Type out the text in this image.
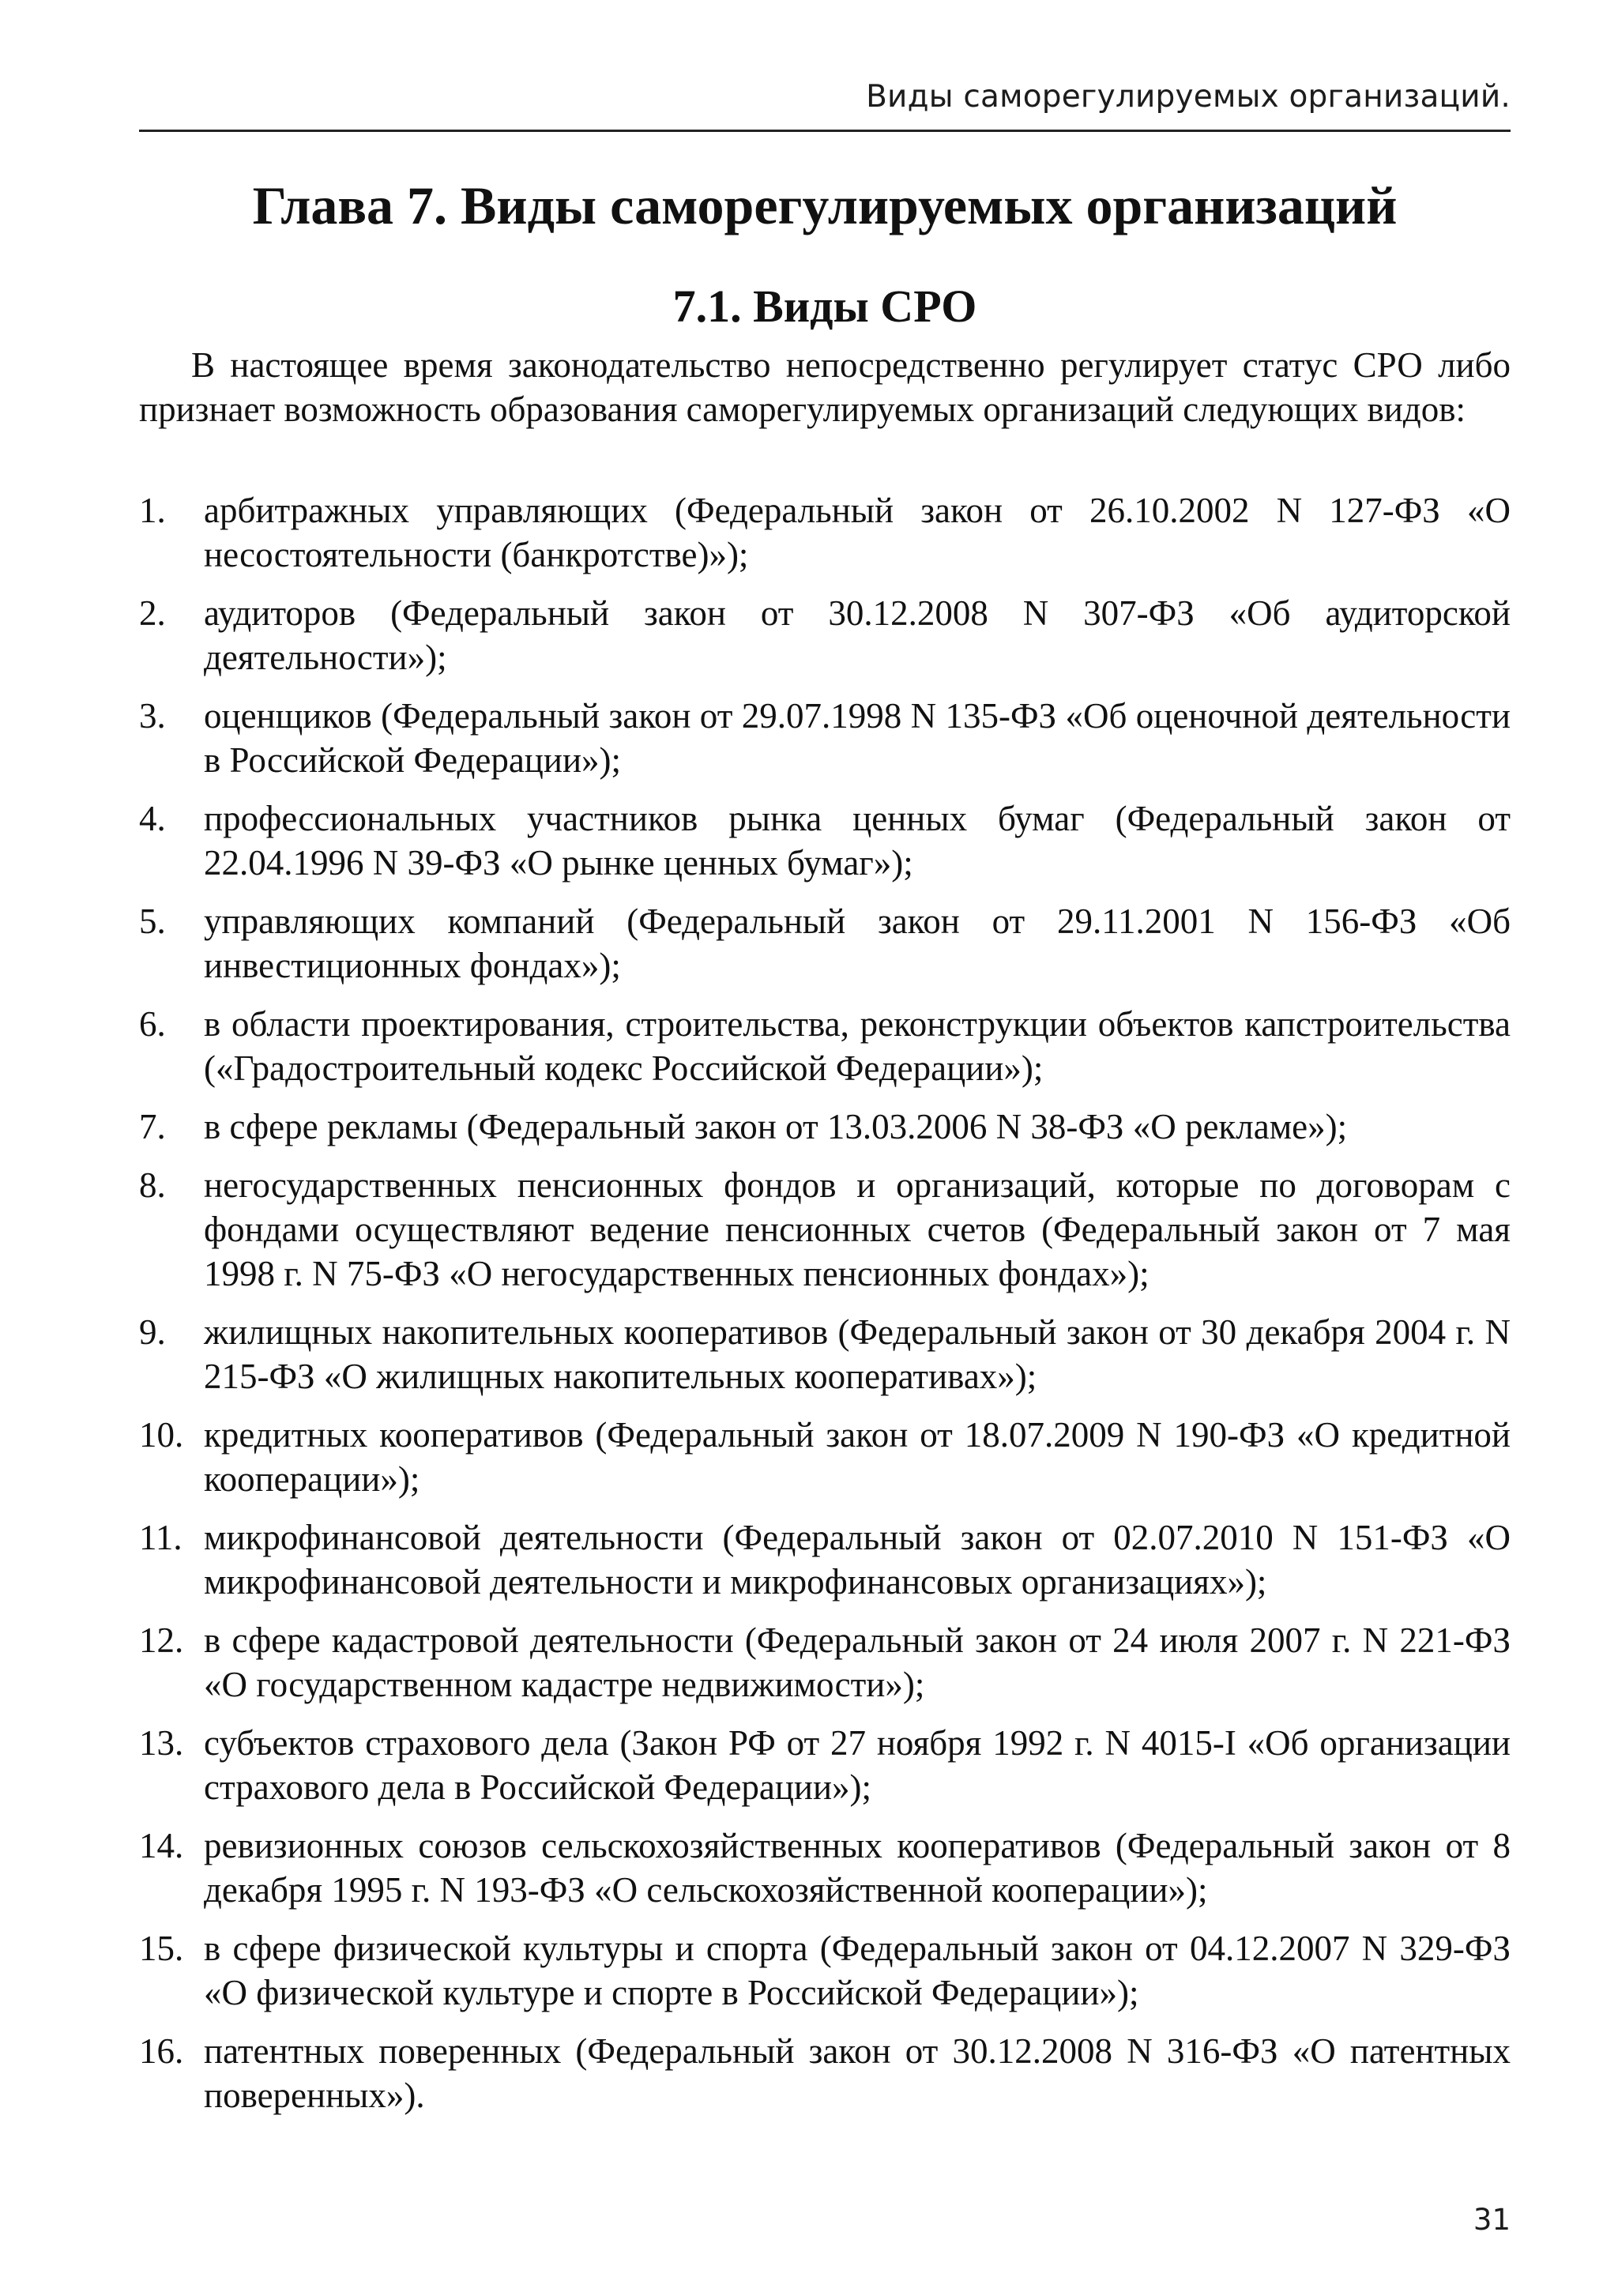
Виды саморегулируемых организаций.
Глава 7. Виды саморегулируемых организаций
7.1. Виды СРО

В настоящее время законодательство непосредственно регулирует статус СРО либо признает возможность образования саморегулируемых организаций следующих видов:

1.	арбитражных управляющих (Федеральный закон от 26.10.2002 N 127-ФЗ «О несостоятельности (банкротстве)»);
2.	аудиторов (Федеральный закон от 30.12.2008 N 307-ФЗ «Об аудиторской деятельности»);
3.	оценщиков (Федеральный закон от 29.07.1998 N 135-ФЗ «Об оценочной деятельности в Российской Федерации»);
4.	профессиональных участников рынка ценных бумаг (Федеральный закон от 22.04.1996 N 39-ФЗ «О рынке ценных бумаг»);
5.	управляющих компаний (Федеральный закон от 29.11.2001 N 156-ФЗ «Об инвестиционных фондах»);
6.	в области проектирования, строительства, реконструкции объектов капстроительства («Градостроительный кодекс Российской Федерации»);
7.	в сфере рекламы (Федеральный закон от 13.03.2006 N 38-ФЗ «О рекламе»);
8.	негосударственных пенсионных фондов и организаций, которые по договорам с фондами осуществляют ведение пенсионных счетов (Федеральный закон от 7 мая 1998 г. N 75-ФЗ «О негосударственных пенсионных фондах»);
9.	жилищных накопительных кооперативов (Федеральный закон от 30 декабря 2004 г. N 215-ФЗ «О жилищных накопительных кооперативах»);
10. кредитных кооперативов (Федеральный закон от 18.07.2009 N 190-ФЗ «О кредитной кооперации»);
11. микрофинансовой деятельности (Федеральный закон от 02.07.2010 N 151-ФЗ «О микрофинансовой деятельности и микрофинансовых организациях»);
12. в сфере кадастровой деятельности (Федеральный закон от 24 июля 2007 г. N 221-ФЗ «О государственном кадастре недвижимости»);
13. субъектов страхового дела (Закон РФ от 27 ноября 1992 г. N 4015-I «Об организации страхового дела в Российской Федерации»);
14. ревизионных союзов сельскохозяйственных кооперативов (Федеральный закон от 8 декабря 1995 г. N 193-ФЗ «О сельскохозяйственной кооперации»);
15. в сфере физической культуры и спорта (Федеральный закон от 04.12.2007 N 329-ФЗ «О физической культуре и спорте в Российской Федерации»);
16. патентных поверенных (Федеральный закон от 30.12.2008 N 316-ФЗ «О патентных поверенных»).
31
